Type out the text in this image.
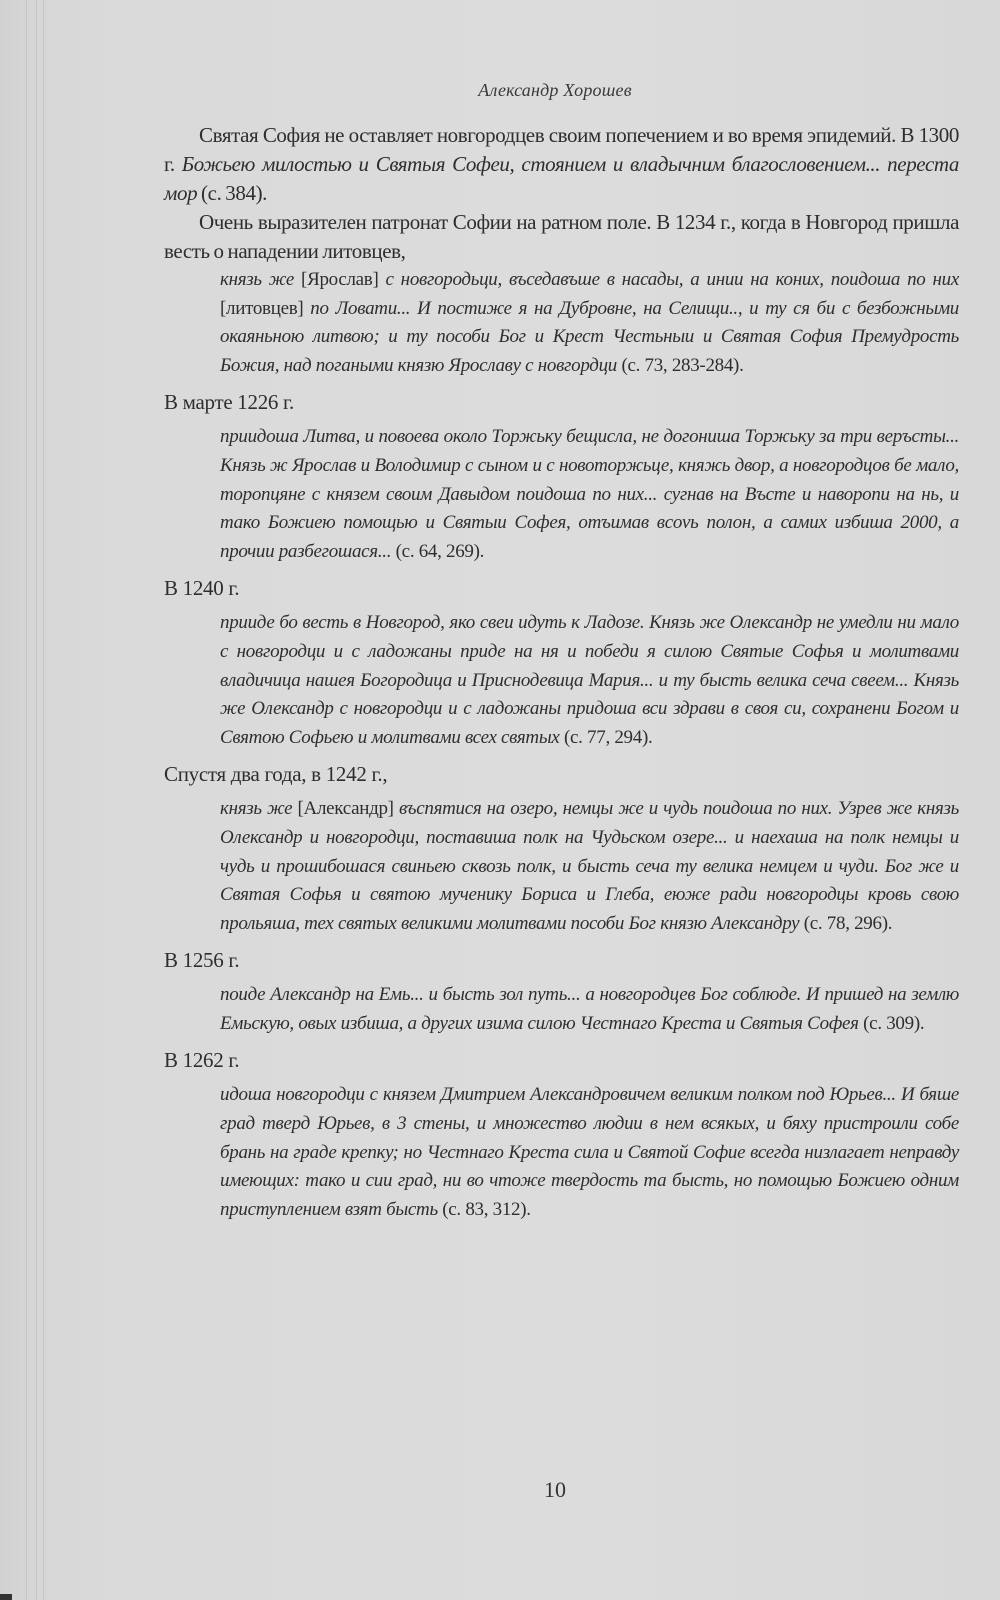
Александр Хорошев

Святая София не оставляет новгородцев своим попечением и во время эпидемий. В 1300 г. Божьею милостью и Святыя Софеи, стоянием и владычним благословением... переста мор (с. 384).

Очень выразителен патронат Софии на ратном поле. В 1234 г., когда в Новгород пришла весть о нападении литовцев,

князь же [Ярослав] с новгородьци, въседавъше в насады, а инии на коних, поидоша по них [литовцев] по Ловати... И постиже я на Дубровне, на Селищи.., и ту ся би с безбожными окаяньною литвою; и ту пособи Бог и Крест Честьныи и Святая София Премудрость Божия, над погаными князю Ярославу с новгордци (с. 73, 283-284).

В марте 1226 г.

приидоша Литва, и повоева около Торжьку бещисла, не догониша Торжьку за три веръсты... Князь ж Ярослав и Володимир с сыном и с новоторжьце, княжь двор, а новгородцов бе мало, торопцяне с князем своим Давыдом поидоша по них... сугнав на Въсте и наворопи на нь, и тако Божиею помощью и Святыи Софея, отъимав вcovь полон, а самих избиша 2000, а прочии разбегошася... (с. 64, 269).

В 1240 г.

прииде бо весть в Новгород, яко свеи идуть к Ладозе. Князь же Олександр не умедли ни мало с новгородци и с ладожаны приде на ня и победи я силою Святые Софья и молитвами владичица нашея Богородица и Приснодевица Мария... и ту бысть велика сеча свеем... Князь же Олександр с новгородци и с ладожаны придоша вси здрави в своя си, сохранени Богом и Святою Софьею и молитвами всех святых (с. 77, 294).

Спустя два года, в 1242 г.,

князь же [Александр] въспятися на озеро, немцы же и чудь поидоша по них. Узрев же князь Олександр и новгородци, поставиша полк на Чудьском озере... и наехаша на полк немцы и чудь и прошибошася свиньею сквозь полк, и бысть сеча ту велика немцем и чуди. Бог же и Святая Софья и святою мученику Бориса и Глеба, еюже ради новгородцы кровь свою прольяша, тех святых великими молитвами пособи Бог князю Александру (с. 78, 296).

В 1256 г.

поиде Александр на Емь... и бысть зол путь... а новгородцев Бог соблюде. И пришед на землю Емьскую, овых избиша, а других изима силою Честнаго Креста и Святыя Софея (с. 309).

В 1262 г.

идоша новгородци с князем Дмитрием Александровичем великим полком под Юрьев... И бяше град тверд Юрьев, в 3 стены, и множество людии в нем всякых, и бяху пристроили собе брань на граде крепку; но Честнаго Креста сила и Святой Софие всегда низлагает неправду имеющих: тако и сии град, ни во чтоже твердость та бысть, но помощью Божиею одним приступлением взят бысть (с. 83, 312).

10
